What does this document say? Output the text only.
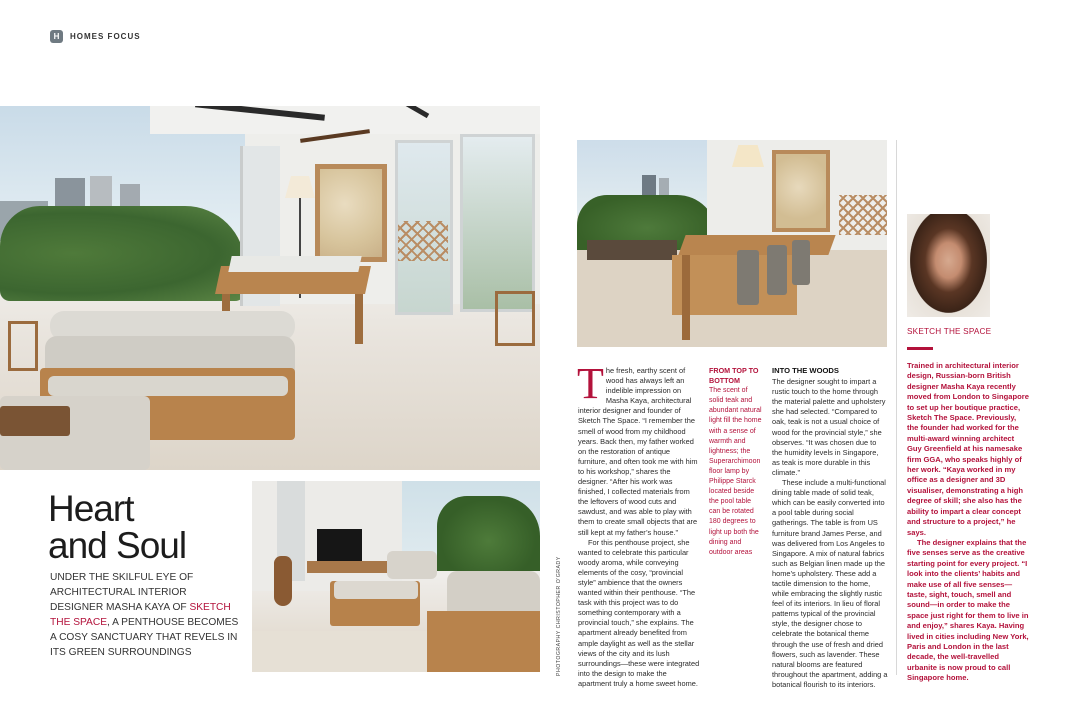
H	HOMES FOCUS
Heart
and Soul
UNDER THE SKILFUL EYE OF ARCHITECTURAL INTERIOR DESIGNER MASHA KAYA OF SKETCH THE SPACE, A PENTHOUSE BECOMES A COSY SANCTUARY THAT REVELS IN ITS GREEN SURROUNDINGS	PHOTOGRAPHY CHRISTOPHER O'GRADY

The fresh, earthy scent of wood has always left an indelible impression on Masha Kaya, architectural interior designer and founder of Sketch The Space. “I remember the smell of wood from my childhood years. Back then, my father worked on the restoration of antique furniture, and often took me with him to his workshop,” shares the designer. “After his work was finished, I collected materials from the leftovers of wood cuts and sawdust, and was able to play with them to create small objects that are still kept at my father’s house.”

For this penthouse project, she wanted to celebrate this particular woody aroma, while conveying elements of the cosy, “provincial style” ambience that the owners wanted within their penthouse. “The task with this project was to do something contemporary with a provincial touch,” she explains. The apartment already benefited from ample daylight as well as the stellar views of the city and its lush surroundings—these were integrated into the design to make the apartment truly a home sweet home.

FROM TOP TO BOTTOM
The scent of solid teak and abundant natural light fill the home with a sense of warmth and lightness; the Superarchimoon floor lamp by Philippe Starck located beside the pool table can be rotated 180 degrees to light up both the dining and outdoor areas
INTO THE WOODS

The designer sought to impart a rustic touch to the home through the material palette and upholstery she had selected. “Compared to oak, teak is not a usual choice of wood for the provincial style,” she observes. “It was chosen due to the humidity levels in Singapore, as teak is more durable in this climate.”

These include a multi-functional dining table made of solid teak, which can be easily converted into a pool table during social gatherings. The table is from US furniture brand James Perse, and was delivered from Los Angeles to Singapore. A mix of natural fabrics such as Belgian linen made up the home’s upholstery. These add a tactile dimension to the home, while embracing the slightly rustic feel of its interiors. In lieu of floral patterns typical of the provincial style, the designer chose to celebrate the botanical theme through the use of fresh and dried flowers, such as lavender. These natural blooms are featured throughout the apartment, adding a botanical flourish to its interiors.

SKETCH THE SPACE

Trained in architectural interior design, Russian-born British designer Masha Kaya recently moved from London to Singapore to set up her boutique practice, Sketch The Space. Previously, the founder had worked for the multi-award winning architect Guy Greenfield at his namesake firm GGA, who speaks highly of her work. “Kaya worked in my office as a designer and 3D visualiser, demonstrating a high degree of skill; she also has the ability to impart a clear concept and structure to a project,” he says.

The designer explains that the five senses serve as the creative starting point for every project. “I look into the clients’ habits and make use of all five senses—taste, sight, touch, smell and sound—in order to make the space just right for them to live in and enjoy,” shares Kaya. Having lived in cities including New York, Paris and London in the last decade, the well-travelled urbanite is now proud to call Singapore home.
